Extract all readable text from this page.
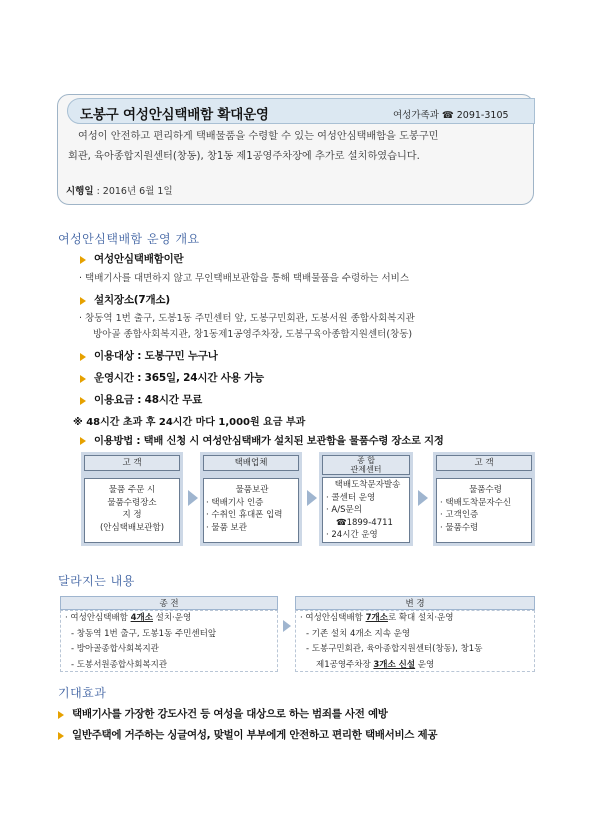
도봉구 여성안심택배함 확대운영	여성가족과 ☎ 2091-3105
여성이 안전하고 편리하게 택배물품을 수령할 수 있는 여성안심택배함을 도봉구민
회관, 육아종합지원센터(창동), 창1동 제1공영주차장에 추가로 설치하였습니다.
시행일 : 2016년 6월 1일
여성안심택배함 운영 개요
여성안심택배함이란
· 택배기사를 대면하지 않고 무인택배보관함을 통해 택배물품을 수령하는 서비스
설치장소(7개소)
· 창동역 1번 출구, 도봉1동 주민센터 앞, 도봉구민회관, 도봉서원 종합사회복지관
방아골 종합사회복지관, 창1동제1공영주차장, 도봉구육아종합지원센터(창동)
이용대상 : 도봉구민 누구나
운영시간 : 365일, 24시간 사용 가능
이용요금 : 48시간 무료
※ 48시간 초과 후 24시간 마다 1,000원 요금 부과
이용방법 : 택배 신청 시 여성안심택배가 설치된 보관함을 물품수령 장소로 지정
고 객
물품 주문 시
물품수령장소
지 정
(안심택배보관함)
택배업체
물품보관
· 택배기사 인증
· 수취인 휴대폰 입력
· 물품 보관
종 합
관제센터
택배도착문자발송
· 콜센터 운영
· A/S문의
☎1899-4711
· 24시간 운영
고 객
물품수령
· 택배도착문자수신
· 고객인증
· 물품수령
달라지는 내용
종 전
· 여성안심택배함 4개소 설치·운영
- 창동역 1번 출구, 도봉1동 주민센터앞
- 방아골종합사회복지관
- 도봉서원종합사회복지관
변 경
· 여성안심택배함 7개소로 확대 설치·운영
- 기존 설치 4개소 지속 운영
- 도봉구민회관, 육아종합지원센터(창동), 창1동
제1공영주차장 3개소 신설 운영
기대효과
택배기사를 가장한 강도사건 등 여성을 대상으로 하는 범죄를 사전 예방
일반주택에 거주하는 싱글여성, 맞벌이 부부에게 안전하고 편리한 택배서비스 제공
